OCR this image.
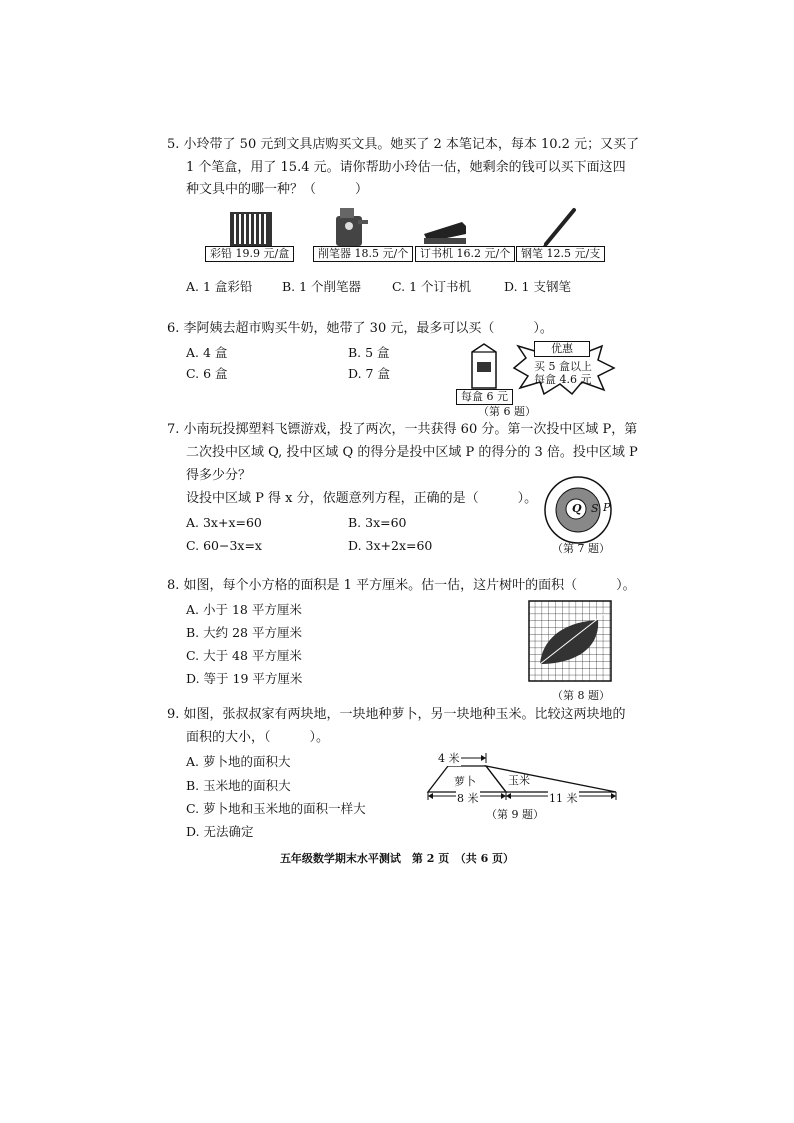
5. 小玲带了 50 元到文具店购买文具。她买了 2 本笔记本，每本 10.2 元；又买了
1 个笔盒，用了 15.4 元。请你帮助小玲估一估，她剩余的钱可以买下面这四
种文具中的哪一种？（　　　）
彩铅 19.9 元/盒	削笔器 18.5 元/个	订书机 16.2 元/个 钢笔 12.5 元/支
A. 1 盒彩铅 B. 1 个削笔器 C. 1 个订书机	D. 1 支钢笔
6. 李阿姨去超市购买牛奶，她带了 30 元，最多可以买（　　　）。
A. 4 盒	B. 5 盒
C. 6 盒	D. 7 盒
每盒 6 元
优惠
买 5 盒以上
每盒 4.6 元
（第 6 题）
7. 小南玩投掷塑料飞镖游戏，投了两次，一共获得 60 分。第一次投中区域 P，第
二次投中区域 Q, 投中区域 Q 的得分是投中区域 P 的得分的 3 倍。投中区域 P
得多少分？
设投中区域 P 得 x 分，依题意列方程，正确的是（　　　）。
A. 3x+x=60	B. 3x=60
C. 60−3x=x	D. 3x+2x=60
Q S P
（第 7 题）
8. 如图，每个小方格的面积是 1 平方厘米。估一估，这片树叶的面积（　　　）。
A. 小于 18 平方厘米
B. 大约 28 平方厘米
C. 大于 48 平方厘米
D. 等于 19 平方厘米
（第 8 题）
9. 如图，张叔叔家有两块地，一块地种萝卜，另一块地种玉米。比较这两块地的
面积的大小，（　　　）。
A. 萝卜地的面积大
B. 玉米地的面积大
C. 萝卜地和玉米地的面积一样大
D. 无法确定
4 米
萝卜	玉米
8 米	11 米
（第 9 题）
五年级数学期末水平测试　第 2 页　（共 6 页）
